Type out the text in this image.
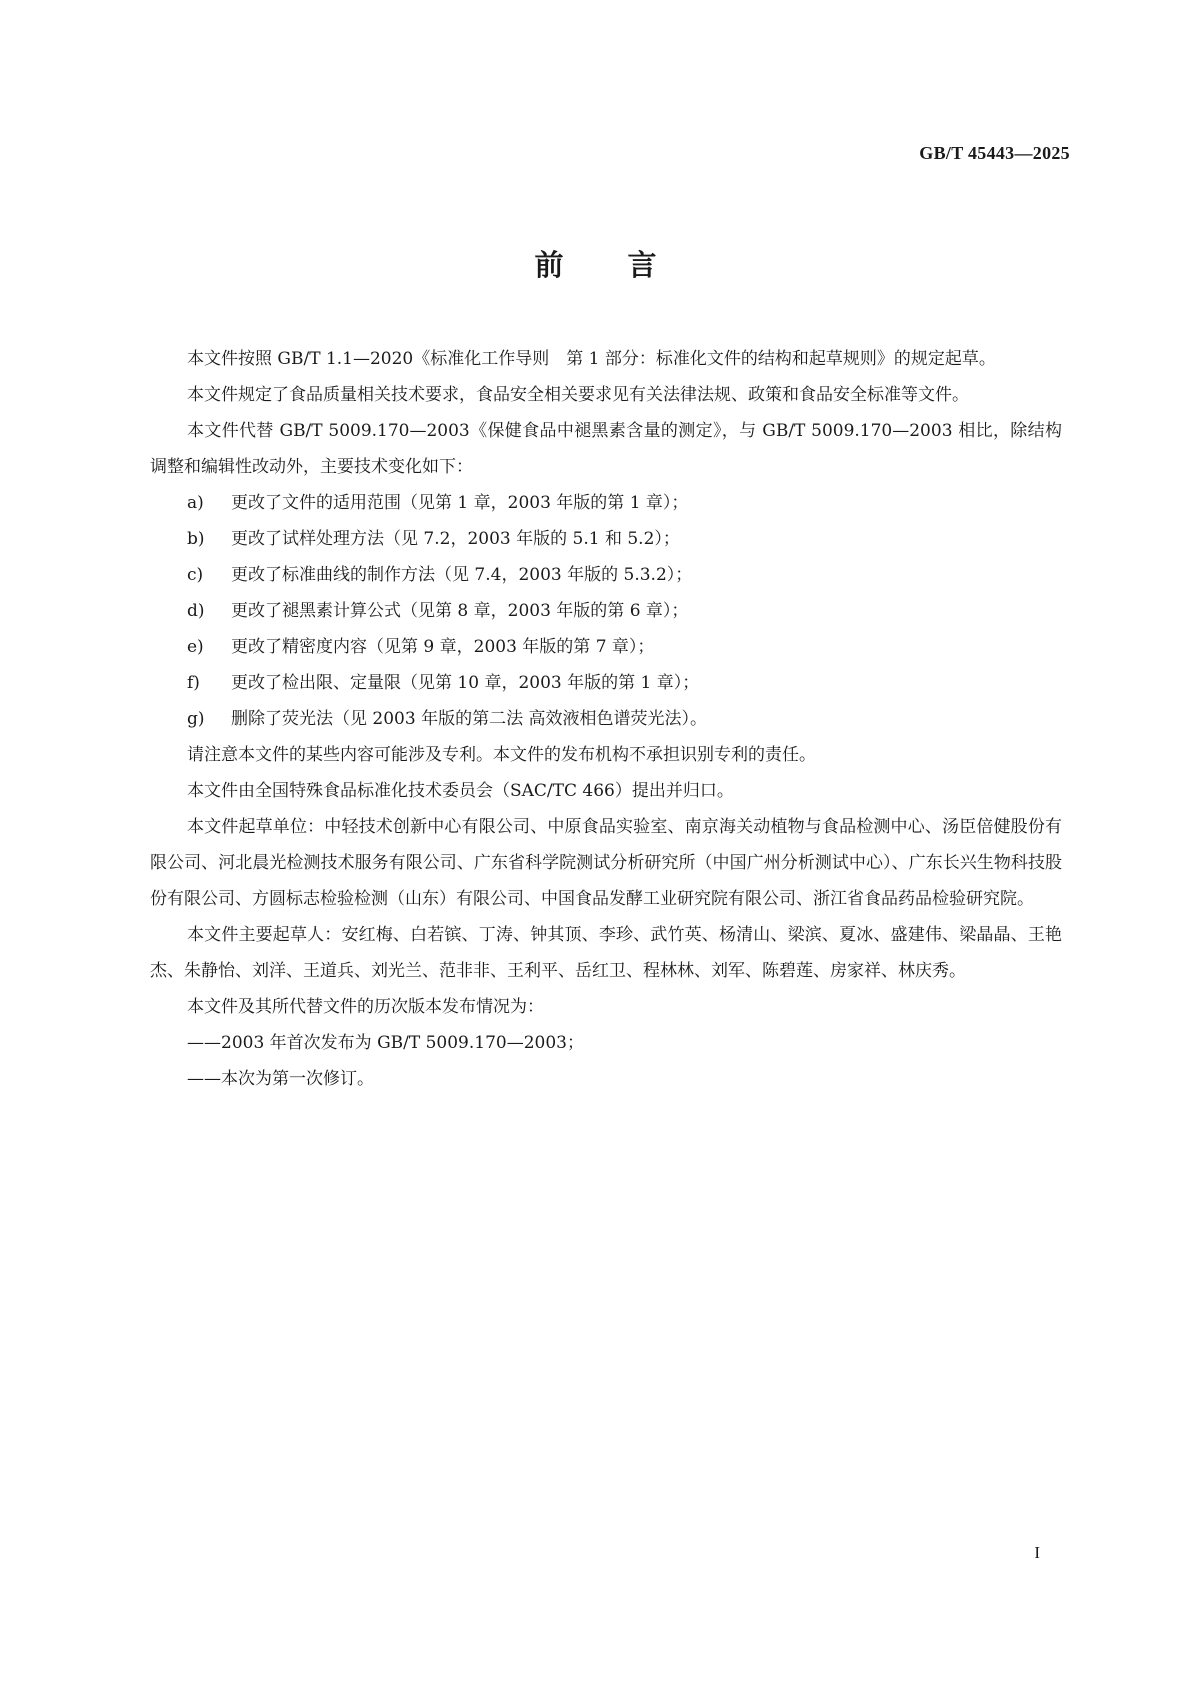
GB/T 45443—2025
前言

本文件按照 GB/T 1.1—2020《标准化工作导则　第 1 部分：标准化文件的结构和起草规则》的规定起草。

本文件规定了食品质量相关技术要求，食品安全相关要求见有关法律法规、政策和食品安全标准等文件。

本文件代替 GB/T 5009.170—2003《保健食品中褪黑素含量的测定》，与 GB/T 5009.170—2003 相比，除结构调整和编辑性改动外，主要技术变化如下：

a) 更改了文件的适用范围（见第 1 章，2003 年版的第 1 章）；
b) 更改了试样处理方法（见 7.2，2003 年版的 5.1 和 5.2）；
c) 更改了标准曲线的制作方法（见 7.4，2003 年版的 5.3.2）；
d) 更改了褪黑素计算公式（见第 8 章，2003 年版的第 6 章）；
e) 更改了精密度内容（见第 9 章，2003 年版的第 7 章）；
f) 更改了检出限、定量限（见第 10 章，2003 年版的第 1 章）；
g) 删除了荧光法（见 2003 年版的第二法 高效液相色谱荧光法）。

请注意本文件的某些内容可能涉及专利。本文件的发布机构不承担识别专利的责任。

本文件由全国特殊食品标准化技术委员会（SAC/TC 466）提出并归口。

本文件起草单位：中轻技术创新中心有限公司、中原食品实验室、南京海关动植物与食品检测中心、汤臣倍健股份有限公司、河北晨光检测技术服务有限公司、广东省科学院测试分析研究所（中国广州分析测试中心）、广东长兴生物科技股份有限公司、方圆标志检验检测（山东）有限公司、中国食品发酵工业研究院有限公司、浙江省食品药品检验研究院。

本文件主要起草人：安红梅、白若镔、丁涛、钟其顶、李珍、武竹英、杨清山、梁滨、夏冰、盛建伟、梁晶晶、王艳杰、朱静怡、刘洋、王道兵、刘光兰、范非非、王利平、岳红卫、程林林、刘军、陈碧莲、房家祥、林庆秀。

本文件及其所代替文件的历次版本发布情况为：

——2003 年首次发布为 GB/T 5009.170—2003；
——本次为第一次修订。
I
